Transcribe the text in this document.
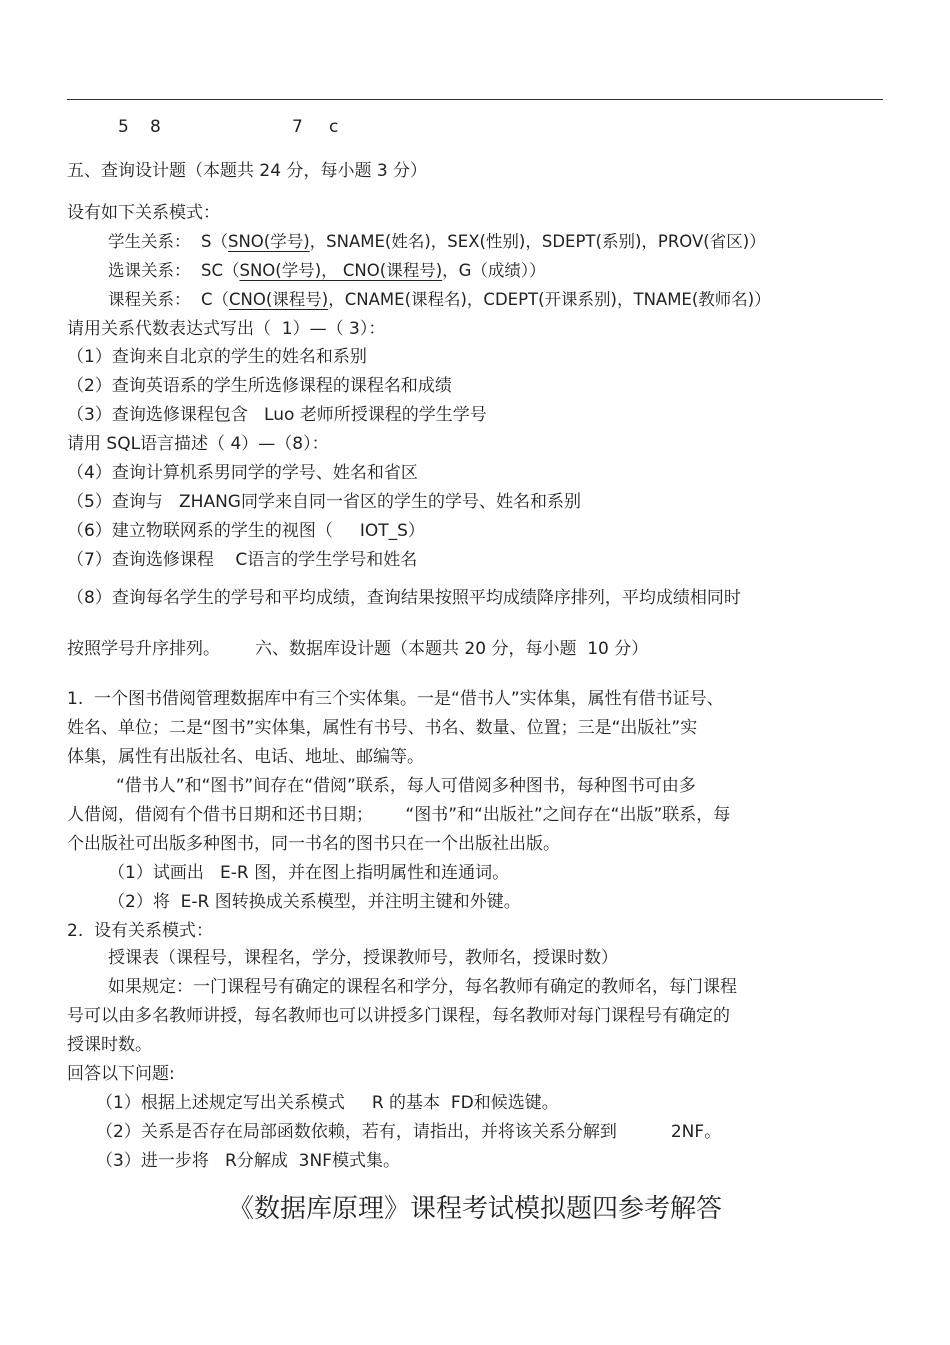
5 8	7 c
五、查询设计题（本题共 24 分，每小题 3 分）
设有如下关系模式：
学生关系：  S（SNO(学号)，SNAME(姓名)，SEX(性别)，SDEPT(系别)，PROV(省区)）
选课关系：  SC（SNO(学号)， CNO(课程号)，G（成绩））
课程关系：  C（CNO(课程号)，CNAME(课程名)，CDEPT(开课系别)，TNAME(教师名)）
请用关系代数表达式写出（  1）—（ 3）：
（1）查询来自北京的学生的姓名和系别
（2）查询英语系的学生所选修课程的课程名和成绩
（3）查询选修课程包含   Luo 老师所授课程的学生学号
请用 SQL语言描述（ 4）—（8）：
（4）查询计算机系男同学的学号、姓名和省区
（5）查询与   ZHANG同学来自同一省区的学生的学号、姓名和系别
（6）建立物联网系的学生的视图（     IOT_S）
（7）查询选修课程    C语言的学生学号和姓名
（8）查询每名学生的学号和平均成绩，查询结果按照平均成绩降序排列，平均成绩相同时
按照学号升序排列。 六、数据库设计题（本题共 20 分，每小题  10 分）
1.  一个图书借阅管理数据库中有三个实体集。一是“借书人”实体集，属性有借书证号、
姓名、单位；二是“图书”实体集，属性有书号、书名、数量、位置；三是“出版社”实
体集，属性有出版社名、电话、地址、邮编等。
“借书人”和“图书”间存在“借阅”联系，每人可借阅多种图书，每种图书可由多
人借阅，借阅有个借书日期和还书日期；      “图书”和“出版社”之间存在“出版”联系，每
个出版社可出版多种图书，同一书名的图书只在一个出版社出版。
（1）试画出   E-R 图，并在图上指明属性和连通词。
（2）将  E-R 图转换成关系模型，并注明主键和外键。
2.  设有关系模式：
授课表（课程号，课程名，学分，授课教师号，教师名，授课时数）
如果规定：一门课程号有确定的课程名和学分，每名教师有确定的教师名，每门课程
号可以由多名教师讲授，每名教师也可以讲授多门课程，每名教师对每门课程号有确定的
授课时数。
回答以下问题:
（1）根据上述规定写出关系模式     R 的基本  FD和候选键。
（2）关系是否存在局部函数依赖，若有，请指出，并将该关系分解到          2NF。
（3）进一步将   R分解成  3NF模式集。
《数据库原理》课程考试模拟题四参考解答
